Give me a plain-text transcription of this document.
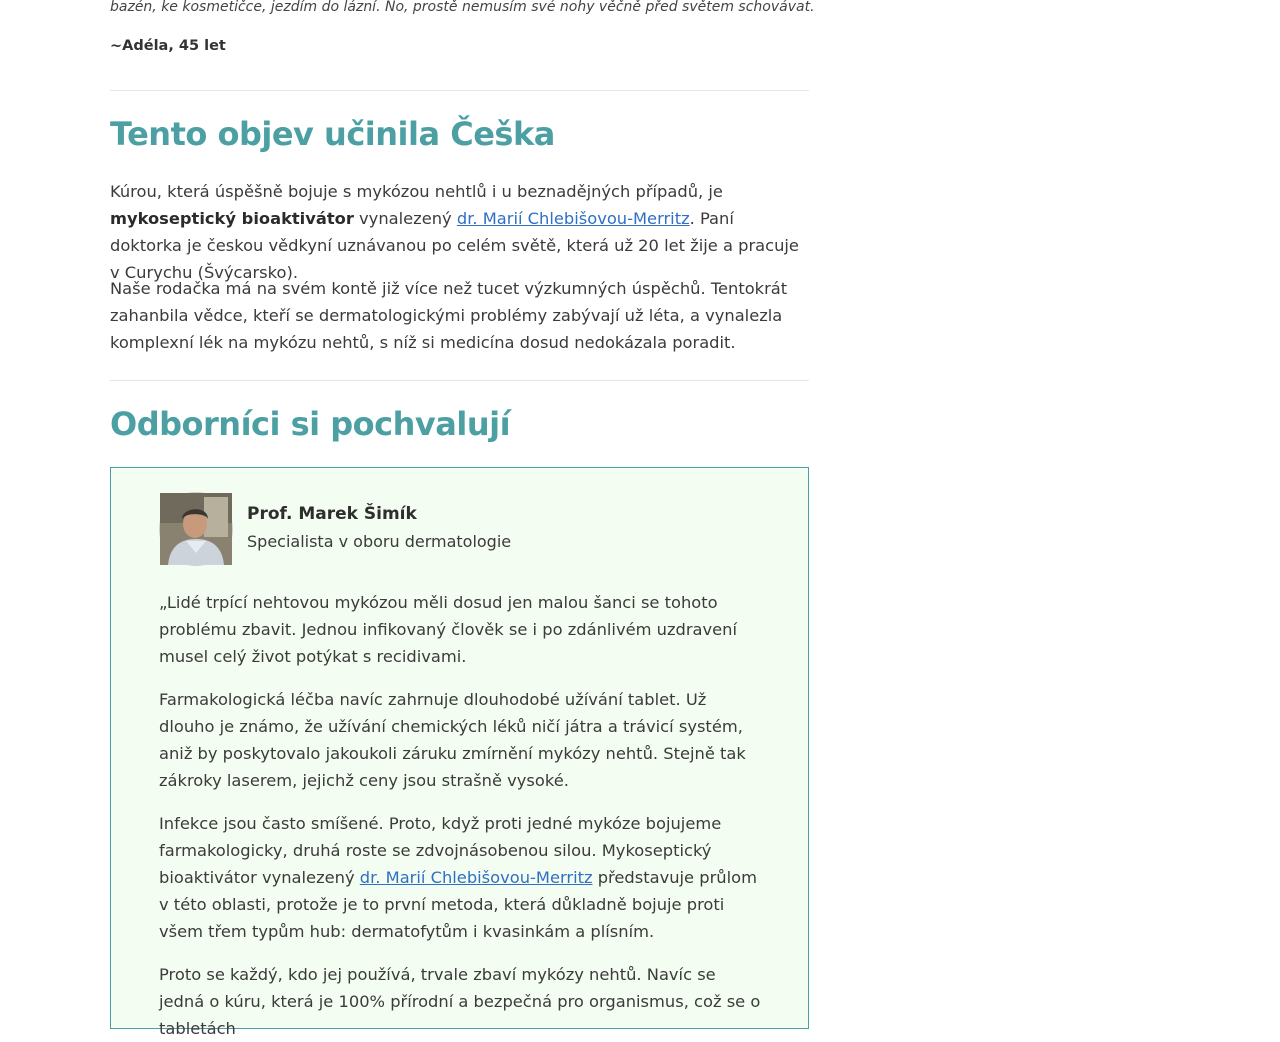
bazén, ke kosmetičce, jezdím do lázní. No, prostě nemusím své nohy věčně před světem schovávat.

~Adéla, 45 let
Tento objev učinila Češka

Kúrou, která úspěšně bojuje s mykózou nehtlů i u beznadějných případů, je mykoseptický bioaktivátor vynalezený dr. Marií Chlebišovou-Merritz. Paní doktorka je českou vědkyní uznávanou po celém světě, která už 20 let žije a pracuje v Curychu (Švýcarsko).

Naše rodačka má na svém kontě již více než tucet výzkumných úspěchů. Tentokrát zahanbila vědce, kteří se dermatologickými problémy zabývají už léta, a vynalezla komplexní lék na mykózu nehtů, s níž si medicína dosud nedokázala poradit.

Odborníci si pochvalují
Prof. Marek Šimík
Specialista v oboru dermatologie

„Lidé trpící nehtovou mykózou měli dosud jen malou šanci se tohoto problému zbavit. Jednou infikovaný člověk se i po zdánlivém uzdravení musel celý život potýkat s recidivami.

Farmakologická léčba navíc zahrnuje dlouhodobé užívání tablet. Už dlouho je známo, že užívání chemických léků ničí játra a trávicí systém, aniž by poskytovalo jakoukoli záruku zmírnění mykózy nehtů. Stejně tak zákroky laserem, jejichž ceny jsou strašně vysoké.

Infekce jsou často smíšené. Proto, když proti jedné mykóze bojujeme farmakologicky, druhá roste se zdvojnásobenou silou. Mykoseptický bioaktivátor vynalezený dr. Marií Chlebišovou-Merritz představuje průlom v této oblasti, protože je to první metoda, která důkladně bojuje proti všem třem typům hub: dermatofytům i kvasinkám a plísním.

Proto se každý, kdo jej používá, trvale zbaví mykózy nehtů. Navíc se jedná o kúru, která je 100% přírodní a bezpečná pro organismus, což se o tabletách
